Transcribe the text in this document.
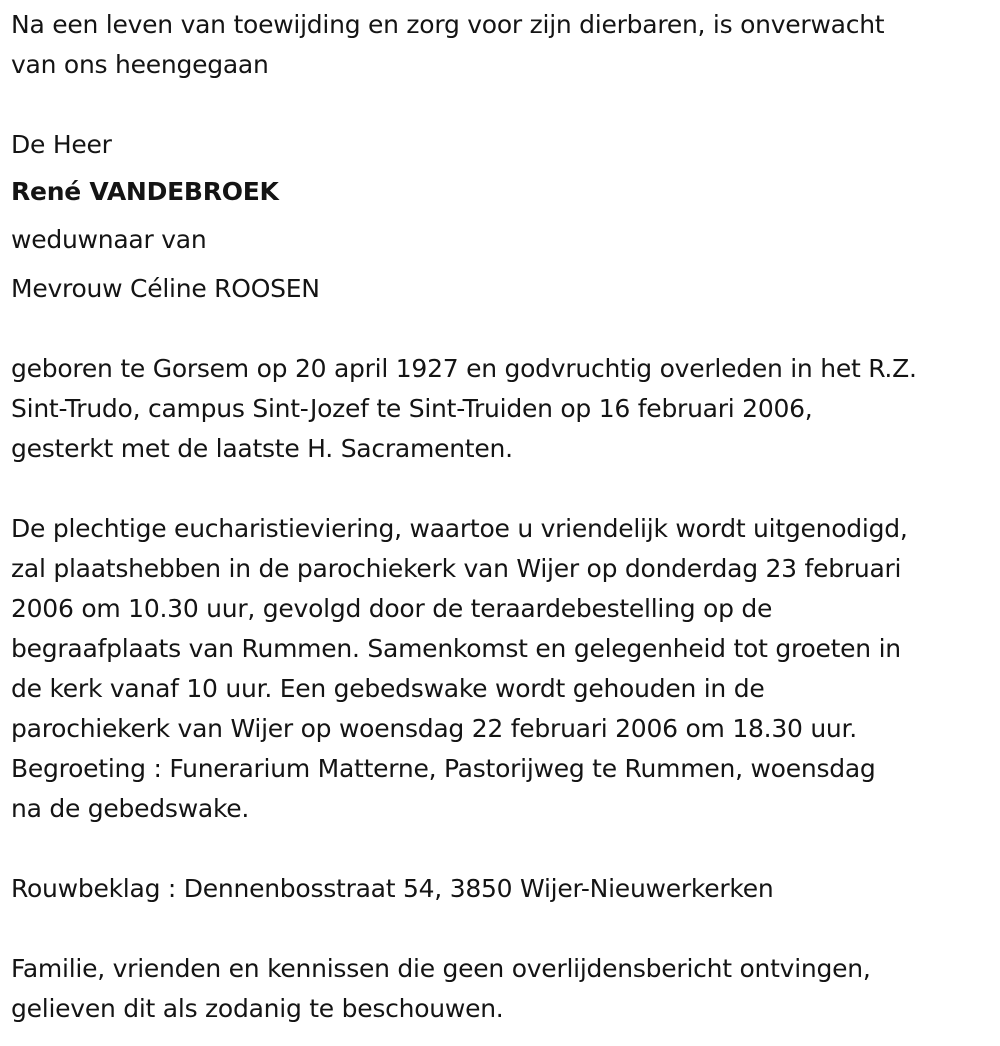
Na een leven van toewijding en zorg voor zijn dierbaren, is onverwacht
van ons heengegaan
De Heer
René VANDEBROEK
weduwnaar van
Mevrouw Céline ROOSEN
geboren te Gorsem op 20 april 1927 en godvruchtig overleden in het R.Z.
Sint-Trudo, campus Sint-Jozef te Sint-Truiden op 16 februari 2006,
gesterkt met de laatste H. Sacramenten.
De plechtige eucharistieviering, waartoe u vriendelijk wordt uitgenodigd,
zal plaatshebben in de parochiekerk van Wijer op donderdag 23 februari
2006 om 10.30 uur, gevolgd door de teraardebestelling op de
begraafplaats van Rummen. Samenkomst en gelegenheid tot groeten in
de kerk vanaf 10 uur. Een gebedswake wordt gehouden in de
parochiekerk van Wijer op woensdag 22 februari 2006 om 18.30 uur.
Begroeting : Funerarium Matterne, Pastorijweg te Rummen, woensdag
na de gebedswake.
Rouwbeklag : Dennenbosstraat 54, 3850 Wijer-Nieuwerkerken
Familie, vrienden en kennissen die geen overlijdensbericht ontvingen,
gelieven dit als zodanig te beschouwen.
